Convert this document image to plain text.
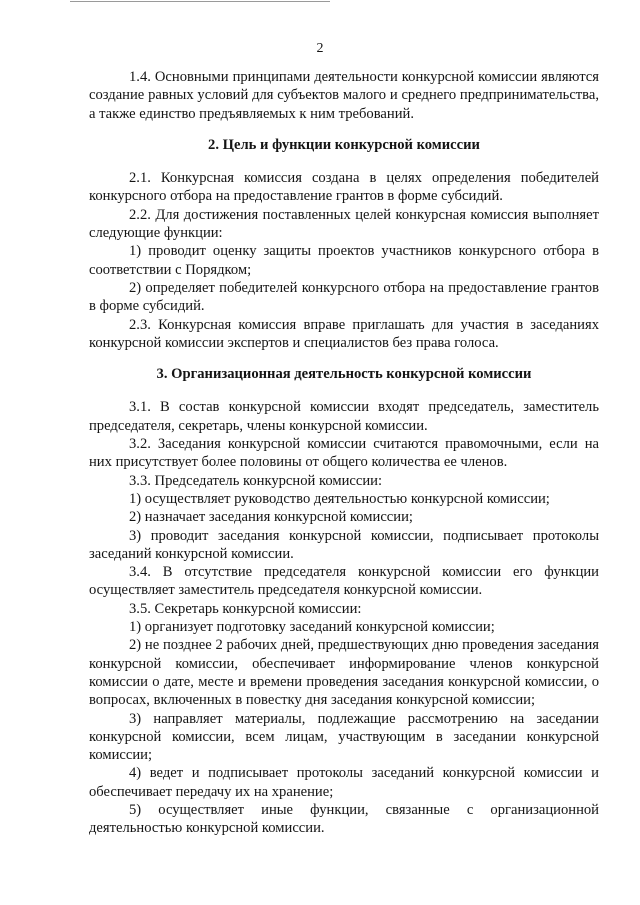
2

1.4. Основными принципами деятельности конкурсной комиссии являются создание равных условий для субъектов малого и среднего предпринимательства, а также единство предъявляемых к ним требований.

2. Цель и функции конкурсной комиссии

2.1. Конкурсная комиссия создана в целях определения победителей конкурсного отбора на предоставление грантов в форме субсидий.

2.2. Для достижения поставленных целей конкурсная комиссия выполняет следующие функции:

1) проводит оценку защиты проектов участников конкурсного отбора в соответствии с Порядком;

2) определяет победителей конкурсного отбора на предоставление грантов в форме субсидий.

2.3. Конкурсная комиссия вправе приглашать для участия в заседаниях конкурсной комиссии экспертов и специалистов без права голоса.

3. Организационная деятельность конкурсной комиссии

3.1. В состав конкурсной комиссии входят председатель, заместитель председателя, секретарь, члены конкурсной комиссии.

3.2. Заседания конкурсной комиссии считаются правомочными, если на них присутствует более половины от общего количества ее членов.

3.3. Председатель конкурсной комиссии:

1) осуществляет руководство деятельностью конкурсной комиссии;

2) назначает заседания конкурсной комиссии;

3) проводит заседания конкурсной комиссии, подписывает протоколы заседаний конкурсной комиссии.

3.4. В отсутствие председателя конкурсной комиссии его функции осуществляет заместитель председателя конкурсной комиссии.

3.5. Секретарь конкурсной комиссии:

1) организует подготовку заседаний конкурсной комиссии;

2) не позднее 2 рабочих дней, предшествующих дню проведения заседания конкурсной комиссии, обеспечивает информирование членов конкурсной комиссии о дате, месте и времени проведения заседания конкурсной комиссии, о вопросах, включенных в повестку дня заседания конкурсной комиссии;

3) направляет материалы, подлежащие рассмотрению на заседании конкурсной комиссии, всем лицам, участвующим в заседании конкурсной комиссии;

4) ведет и подписывает протоколы заседаний конкурсной комиссии и обеспечивает передачу их на хранение;

5) осуществляет иные функции, связанные с организационной деятельностью конкурсной комиссии.
